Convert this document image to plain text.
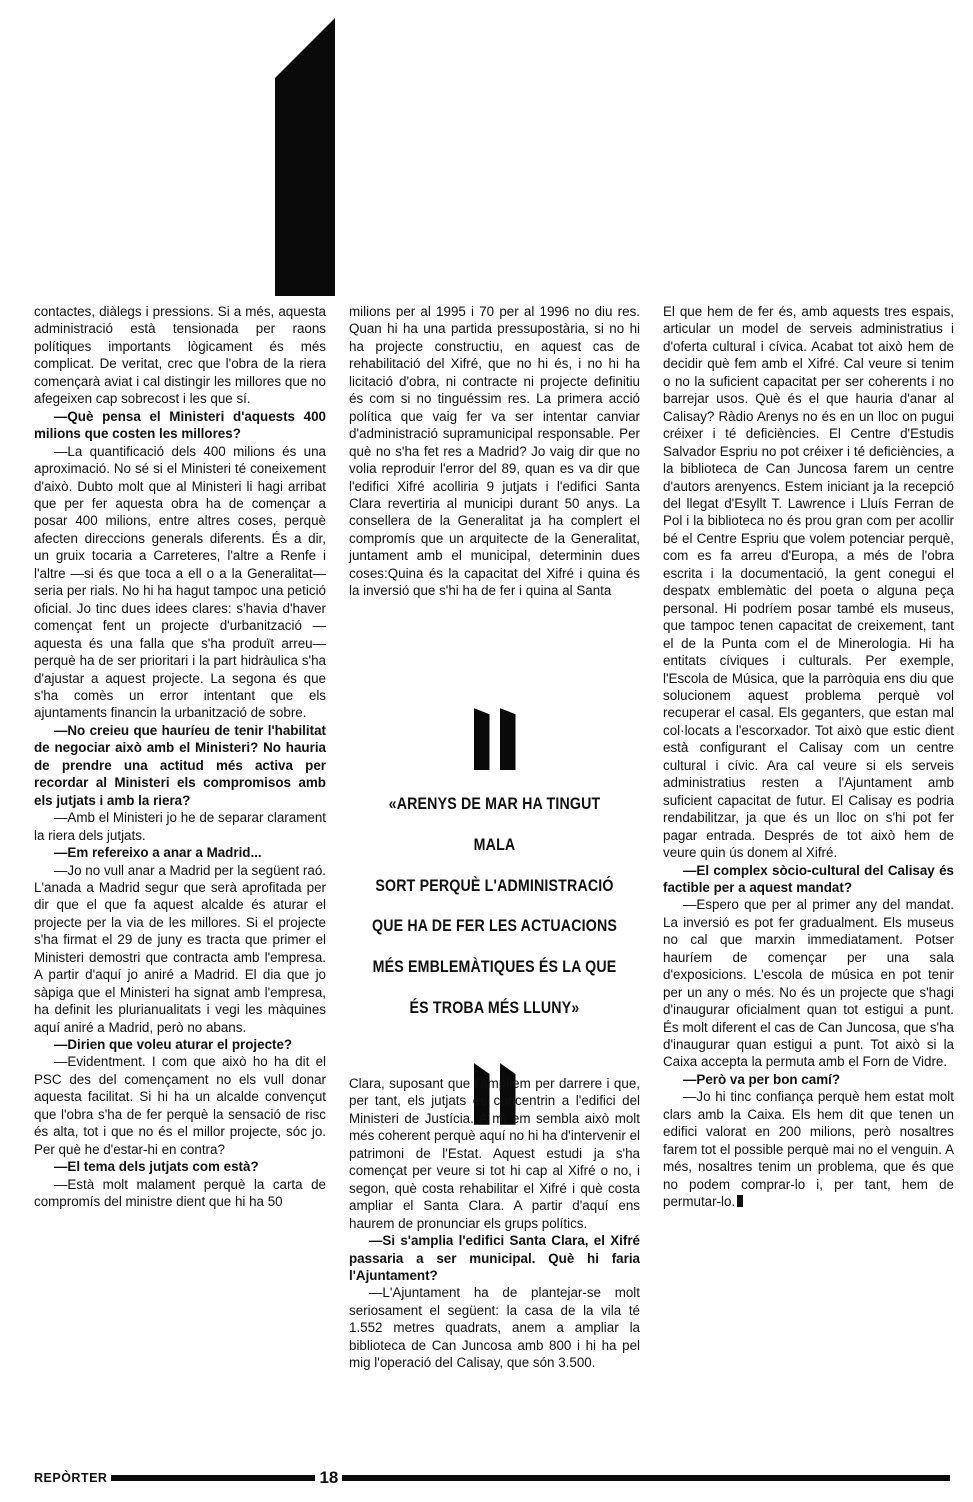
contactes, diàlegs i pressions. Si a més, aquesta administració està tensionada per raons polítiques importants lògicament és més complicat. De veritat, crec que l'obra de la riera començarà aviat i cal distingir les millores que no afegeixen cap sobrecost i les que sí.

—Què pensa el Ministeri d'aquests 400 milions que costen les millores?

—La quantificació dels 400 milions és una aproximació. No sé si el Ministeri té coneixement d'això. Dubto molt que al Ministeri li hagi arribat que per fer aquesta obra ha de començar a posar 400 milions, entre altres coses, perquè afecten direccions generals diferents. És a dir, un gruix tocaria a Carreteres, l'altre a Renfe i l'altre —si és que toca a ell o a la Generalitat—seria per rials. No hi ha hagut tampoc una petició oficial. Jo tinc dues idees clares: s'havia d'haver començat fent un projecte d'urbanització —aquesta és una falla que s'ha produït arreu— perquè ha de ser prioritari i la part hidràulica s'ha d'ajustar a aquest projecte. La segona és que s'ha comès un error intentant que els ajuntaments financin la urbanització de sobre.

—No creieu que hauríeu de tenir l'habilitat de negociar això amb el Ministeri? No hauria de prendre una actitud més activa per recordar al Ministeri els compromisos amb els jutjats i amb la riera?

—Amb el Ministeri jo he de separar clarament la riera dels jutjats.

—Em refereixo a anar a Madrid...

—Jo no vull anar a Madrid per la següent raó. L'anada a Madrid segur que serà aprofitada per dir que el que fa aquest alcalde és aturar el projecte per la via de les millores. Si el projecte s'ha firmat el 29 de juny es tracta que primer el Ministeri demostri que contracta amb l'empresa. A partir d'aquí jo aniré a Madrid. El dia que jo sàpiga que el Ministeri ha signat amb l'empresa, ha definit les plurianualitats i vegi les màquines aquí aniré a Madrid, però no abans.

—Dirien que voleu aturar el projecte?

—Evidentment. I com que això ho ha dit el PSC des del començament no els vull donar aquesta facilitat. Si hi ha un alcalde convençut que l'obra s'ha de fer perquè la sensació de risc és alta, tot i que no és el millor projecte, sóc jo. Per què he d'estar-hi en contra?

—El tema dels jutjats com està?

—Està molt malament perquè la carta de compromís del ministre dient que hi ha 50

milions per al 1995 i 70 per al 1996 no diu res. Quan hi ha una partida pressupostària, si no hi ha projecte constructiu, en aquest cas de rehabilitació del Xifré, que no hi és, i no hi ha licitació d'obra, ni contracte ni projecte definitiu és com si no tinguéssim res. La primera acció política que vaig fer va ser intentar canviar d'administració supramunicipal responsable. Per què no s'ha fet res a Madrid? Jo vaig dir que no volia reproduir l'error del 89, quan es va dir que l'edifici Xifré acolliria 9 jutjats i l'edifici Santa Clara revertiria al municipi durant 50 anys. La consellera de la Generalitat ja ha complert el compromís que un arquitecte de la Generalitat, juntament amb el municipal, determinin dues coses:Quina és la capacitat del Xifré i quina és la inversió que s'hi ha de fer i quina al Santa

«ARENYS DE MAR HA TINGUT MALA
SORT PERQUÈ L'ADMINISTRACIÓ
QUE HA DE FER LES ACTUACIONS
MÉS EMBLEMÀTIQUES ÉS LA QUE
ÉS TROBA MÉS LLUNY»

Clara, suposant que l'ampliem per darrere i que, per tant, els jutjats es concentrin a l'edifici del Ministeri de Justícia. A mi em sembla això molt més coherent perquè aquí no hi ha d'intervenir el patrimoni de l'Estat. Aquest estudi ja s'ha començat per veure si tot hi cap al Xifré o no, i segon, què costa rehabilitar el Xifré i què costa ampliar el Santa Clara. A partir d'aquí ens haurem de pronunciar els grups polítics.

—Si s'amplia l'edifici Santa Clara, el Xifré passaria a ser municipal. Què hi faria l'Ajuntament?

—L'Ajuntament ha de plantejar-se molt seriosament el següent: la casa de la vila té 1.552 metres quadrats, anem a ampliar la biblioteca de Can Juncosa amb 800 i hi ha pel mig l'operació del Calisay, que són 3.500.

El que hem de fer és, amb aquests tres espais, articular un model de serveis administratius i d'oferta cultural i cívica. Acabat tot això hem de decidir què fem amb el Xifré. Cal veure si tenim o no la suficient capacitat per ser coherents i no barrejar usos. Què és el que hauria d'anar al Calisay? Ràdio Arenys no és en un lloc on pugui créixer i té deficiències. El Centre d'Estudis Salvador Espriu no pot créixer i té deficiències, a la biblioteca de Can Juncosa farem un centre d'autors arenyencs. Estem iniciant ja la recepció del llegat d'Esyllt T. Lawrence i Lluís Ferran de Pol i la biblioteca no és prou gran com per acollir bé el Centre Espriu que volem potenciar perquè, com es fa arreu d'Europa, a més de l'obra escrita i la documentació, la gent conegui el despatx emblemàtic del poeta o alguna peça personal. Hi podríem posar també els museus, que tampoc tenen capacitat de creixement, tant el de la Punta com el de Minerologia. Hi ha entitats cíviques i culturals. Per exemple, l'Escola de Música, que la parròquia ens diu que solucionem aquest problema perquè vol recuperar el casal. Els geganters, que estan mal col·locats a l'escorxador. Tot això que estic dient està configurant el Calisay com un centre cultural i cívic. Ara cal veure si els serveis administratius resten a l'Ajuntament amb suficient capacitat de futur. El Calisay es podria rendabilitzar, ja que és un lloc on s'hi pot fer pagar entrada. Després de tot això hem de veure quin ús donem al Xifré.

—El complex sòcio-cultural del Calisay és factible per a aquest mandat?

—Espero que per al primer any del mandat. La inversió es pot fer gradualment. Els museus no cal que marxin immediatament. Potser hauríem de començar per una sala d'exposicions. L'escola de música en pot tenir per un any o més. No és un projecte que s'hagi d'inaugurar oficialment quan tot estigui a punt. És molt diferent el cas de Can Juncosa, que s'ha d'inaugurar quan estigui a punt. Tot això si la Caixa accepta la permuta amb el Forn de Vidre.

—Però va per bon camí?

—Jo hi tinc confiança perquè hem estat molt clars amb la Caixa. Els hem dit que tenen un edifici valorat en 200 milions, però nosaltres farem tot el possible perquè mai no el venguin. A més, nosaltres tenim un problema, que és que no podem comprar-lo i, per tant, hem de permutar-lo.

REPÒRTER	18
